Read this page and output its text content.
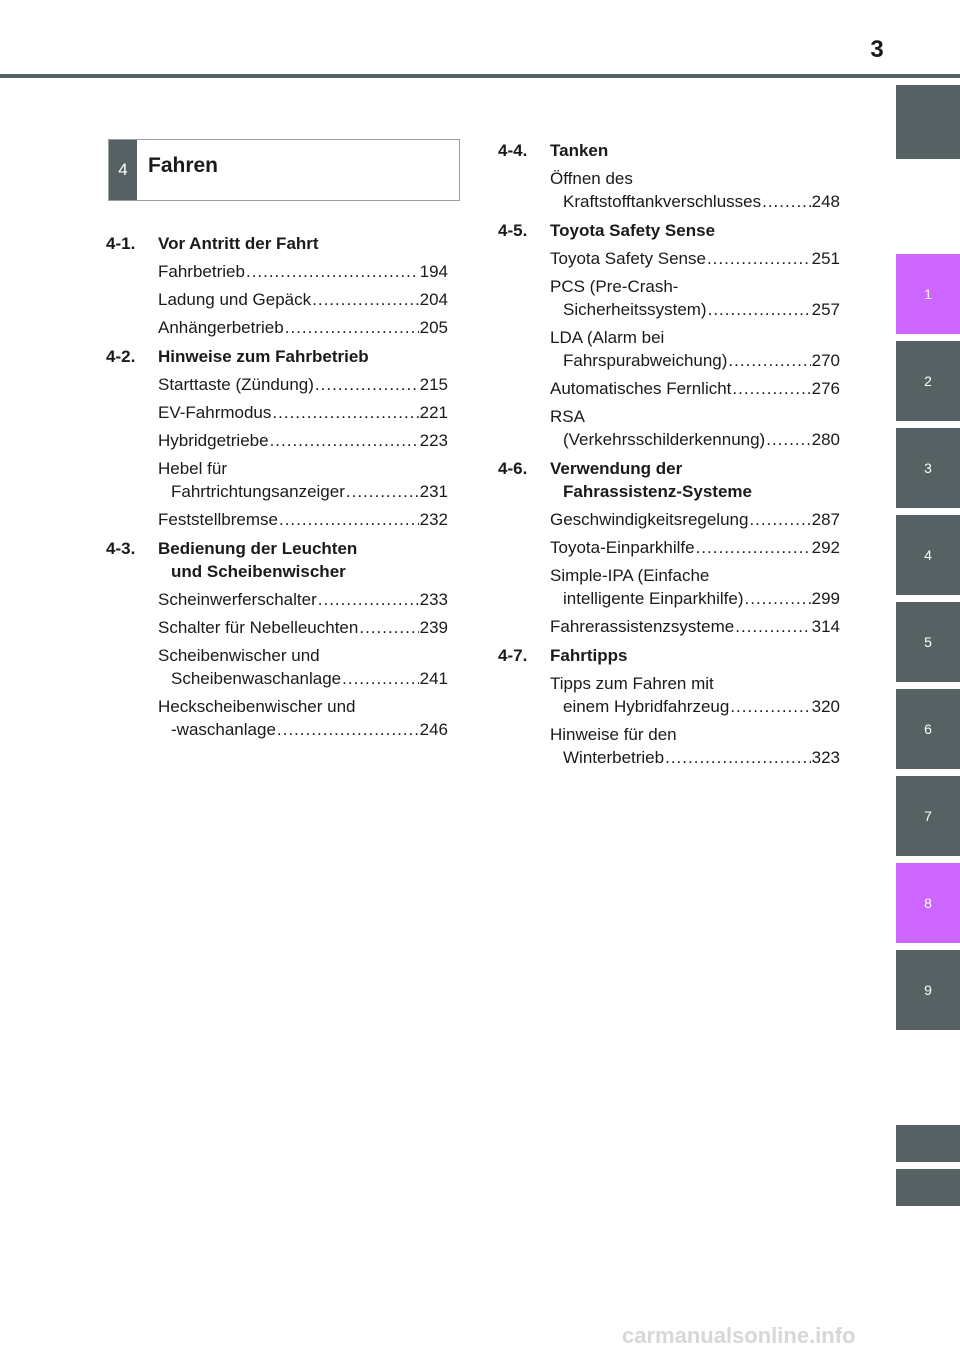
3
1
2
3
4
5
6
7
8
9
4 Fahren
4-1.	Vor Antritt der Fahrt
Fahrbetrieb .....	194
Ladung und Gepäck .....	204
Anhängerbetrieb .....	205
4-2.	Hinweise zum Fahrbetrieb
Starttaste (Zündung) .....	215
EV-Fahrmodus .....	221
Hybridgetriebe .....	223
Hebel für
Fahrtrichtungsanzeiger .....	231
Feststellbremse .....	232
4-3.	Bedienung der Leuchten
und Scheibenwischer
Scheinwerferschalter .....	233
Schalter für Nebelleuchten .....	239
Scheibenwischer und
Scheibenwaschanlage .....	241
Heckscheibenwischer und
-waschanlage .....	246
4-4.	Tanken
Öffnen des
Kraftstofftankverschlusses .....	248
4-5.	Toyota Safety Sense
Toyota Safety Sense .....	251
PCS (Pre-Crash-
Sicherheitssystem) .....	257
LDA (Alarm bei
Fahrspurabweichung) .....	270
Automatisches Fernlicht .....	276
RSA
(Verkehrsschilderkennung) .....	280
4-6.	Verwendung der
Fahrassistenz-Systeme
Geschwindigkeitsregelung .....	287
Toyota-Einparkhilfe .....	292
Simple-IPA (Einfache
intelligente Einparkhilfe) .....	299
Fahrerassistenzsysteme .....	314
4-7.	Fahrtipps
Tipps zum Fahren mit
einem Hybridfahrzeug .....	320
Hinweise für den
Winterbetrieb .....	323
carmanualsonline.info
